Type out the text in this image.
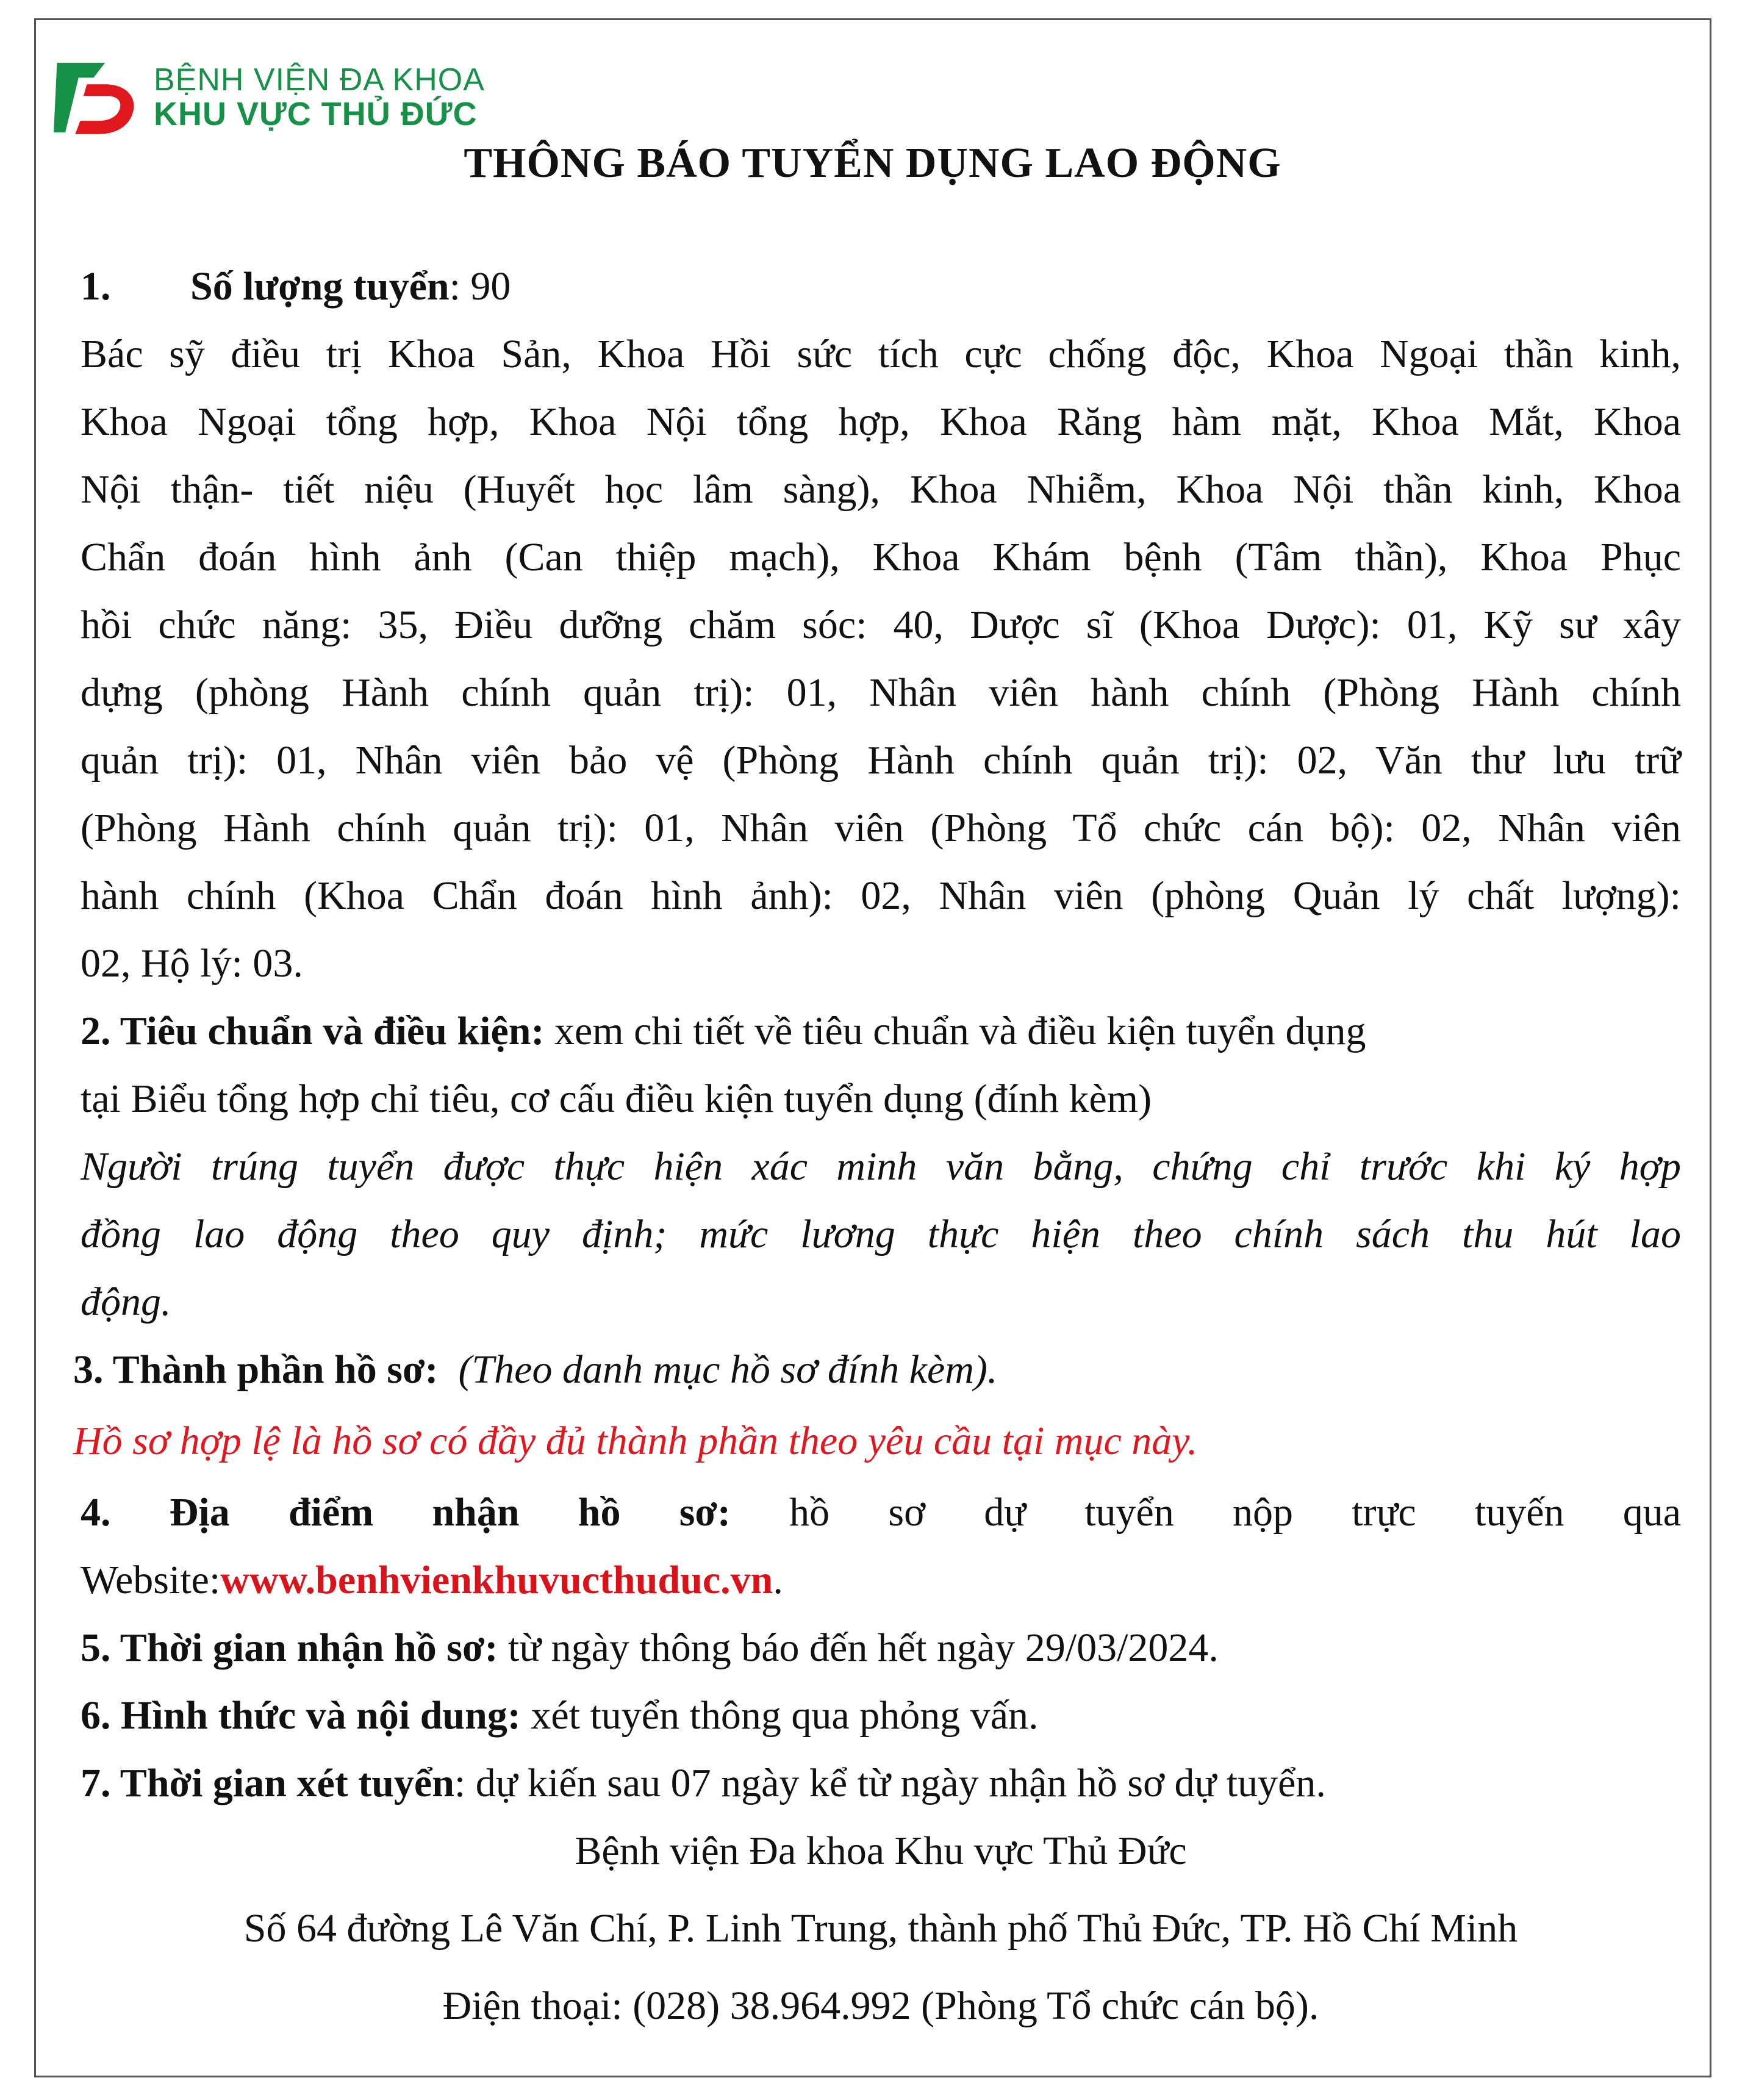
BỆNH VIỆN ĐA KHOA
KHU VỰC THỦ ĐỨC
THÔNG BÁO TUYỂN DỤNG LAO ĐỘNG

1. Số lượng tuyển: 90

Bác sỹ điều trị Khoa Sản, Khoa Hồi sức tích cực chống độc, Khoa Ngoại thần kinh,

Khoa Ngoại tổng hợp, Khoa Nội tổng hợp, Khoa Răng hàm mặt, Khoa Mắt, Khoa

Nội thận- tiết niệu (Huyết học lâm sàng), Khoa Nhiễm, Khoa Nội thần kinh, Khoa

Chẩn đoán hình ảnh (Can thiệp mạch), Khoa Khám bệnh (Tâm thần), Khoa Phục

hồi chức năng: 35, Điều dưỡng chăm sóc: 40, Dược sĩ (Khoa Dược): 01, Kỹ sư xây

dựng (phòng Hành chính quản trị): 01, Nhân viên hành chính (Phòng Hành chính

quản trị): 01, Nhân viên bảo vệ (Phòng Hành chính quản trị): 02, Văn thư lưu trữ

(Phòng Hành chính quản trị): 01, Nhân viên (Phòng Tổ chức cán bộ): 02, Nhân viên

hành chính (Khoa Chẩn đoán hình ảnh): 02, Nhân viên (phòng Quản lý chất lượng):

02, Hộ lý: 03.

2. Tiêu chuẩn và điều kiện: xem chi tiết về tiêu chuẩn và điều kiện tuyển dụng

tại Biểu tổng hợp chỉ tiêu, cơ cấu điều kiện tuyển dụng (đính kèm)

Người trúng tuyển được thực hiện xác minh văn bằng, chứng chỉ trước khi ký hợp

đồng lao động theo quy định; mức lương thực hiện theo chính sách thu hút lao

động.

3. Thành phần hồ sơ:  (Theo danh mục hồ sơ đính kèm).

Hồ sơ hợp lệ là hồ sơ có đầy đủ thành phần theo yêu cầu tại mục này.

4. Địa điểm nhận hồ sơ: hồ sơ dự tuyển nộp trực tuyến qua

Website:www.benhvienkhuvucthuduc.vn.

5. Thời gian nhận hồ sơ: từ ngày thông báo đến hết ngày 29/03/2024.

6. Hình thức và nội dung: xét tuyển thông qua phỏng vấn.

7. Thời gian xét tuyển: dự kiến sau 07 ngày kể từ ngày nhận hồ sơ dự tuyển.

Bệnh viện Đa khoa Khu vực Thủ Đức

Số 64 đường Lê Văn Chí, P. Linh Trung, thành phố Thủ Đức, TP. Hồ Chí Minh

Điện thoại: (028) 38.964.992 (Phòng Tổ chức cán bộ).
